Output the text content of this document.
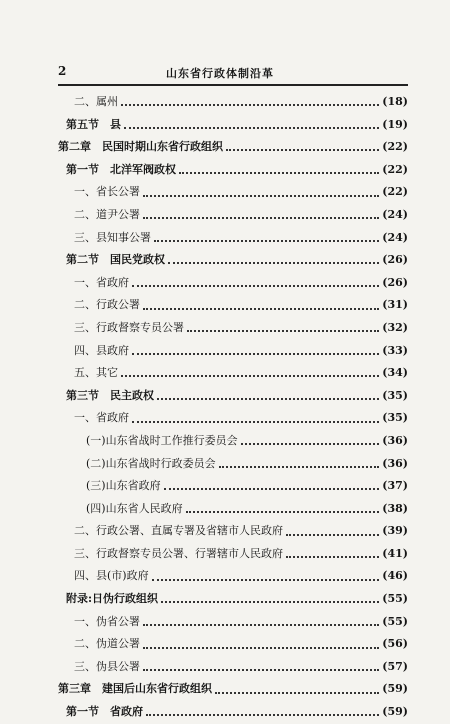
2	山东省行政体制沿革
二、属州	(18)
第五节　县	(19)
第二章　民国时期山东省行政组织	(22)
第一节　北洋军阀政权	(22)
一、省长公署	(22)
二、道尹公署	(24)
三、县知事公署	(24)
第二节　国民党政权	(26)
一、省政府	(26)
二、行政公署	(31)
三、行政督察专员公署	(32)
四、县政府	(33)
五、其它	(34)
第三节　民主政权	(35)
一、省政府	(35)
(一)山东省战时工作推行委员会	(36)
(二)山东省战时行政委员会	(36)
(三)山东省政府	(37)
(四)山东省人民政府	(38)
二、行政公署、直属专署及省辖市人民政府	(39)
三、行政督察专员公署、行署辖市人民政府	(41)
四、县(市)政府	(46)
附录:日伪行政组织	(55)
一、伪省公署	(55)
二、伪道公署	(56)
三、伪县公署	(57)
第三章　建国后山东省行政组织	(59)
第一节　省政府	(59)
